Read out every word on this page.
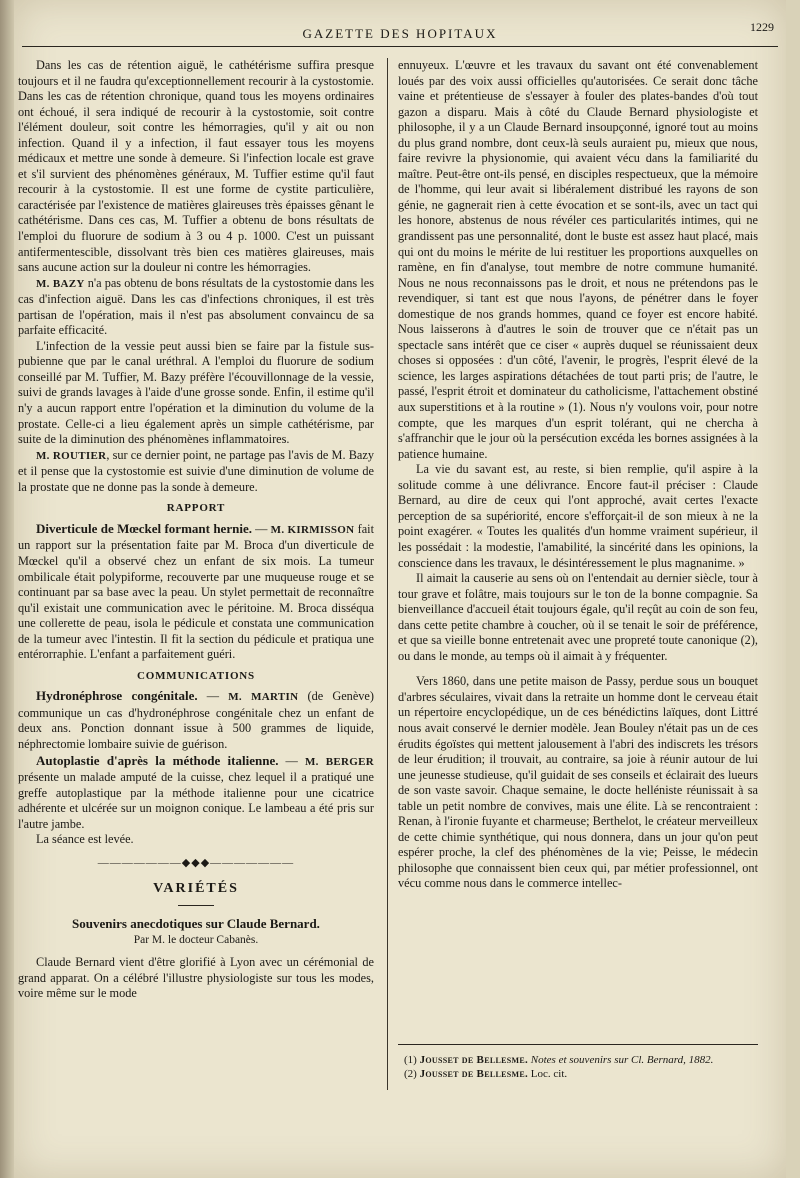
GAZETTE DES HOPITAUX	1229

Dans les cas de rétention aiguë, le cathétérisme suffira presque toujours et il ne faudra qu'exceptionnellement recourir à la cystostomie. Dans les cas de rétention chronique, quand tous les moyens ordinaires ont échoué, il sera indiqué de recourir à la cystostomie, soit contre l'élément douleur, soit contre les hémorragies, qu'il y ait ou non infection. Quand il y a infection, il faut essayer tous les moyens médicaux et mettre une sonde à demeure. Si l'infection locale est grave et s'il survient des phénomènes généraux, M. Tuffier estime qu'il faut recourir à la cystostomie. Il est une forme de cystite particulière, caractérisée par l'existence de matières glaireuses très épaisses gênant le cathétérisme. Dans ces cas, M. Tuffier a obtenu de bons résultats de l'emploi du fluorure de sodium à 3 ou 4 p. 1000. C'est un puissant antifermentescible, dissolvant très bien ces matières glaireuses, mais sans aucune action sur la douleur ni contre les hémorragies.

M. BAZY n'a pas obtenu de bons résultats de la cystostomie dans les cas d'infection aiguë. Dans les cas d'infections chroniques, il est très partisan de l'opération, mais il n'est pas absolument convaincu de sa parfaite efficacité.

L'infection de la vessie peut aussi bien se faire par la fistule sus-pubienne que par le canal uréthral. A l'emploi du fluorure de sodium conseillé par M. Tuffier, M. Bazy préfère l'écouvillonnage de la vessie, suivi de grands lavages à l'aide d'une grosse sonde. Enfin, il estime qu'il n'y a aucun rapport entre l'opération et la diminution du volume de la prostate. Celle-ci a lieu également après un simple cathétérisme, par suite de la diminution des phénomènes inflammatoires.

M. ROUTIER, sur ce dernier point, ne partage pas l'avis de M. Bazy et il pense que la cystostomie est suivie d'une diminution de volume de la prostate que ne donne pas la sonde à demeure.

RAPPORT

Diverticule de Mœckel formant hernie. — M. KIRMISSON fait un rapport sur la présentation faite par M. Broca d'un diverticule de Mœckel qu'il a observé chez un enfant de six mois. La tumeur ombilicale était polypiforme, recouverte par une muqueuse rouge et se continuant par sa base avec la peau. Un stylet permettait de reconnaître qu'il existait une communication avec le péritoine. M. Broca disséqua une collerette de peau, isola le pédicule et constata une communication de la tumeur avec l'intestin. Il fit la section du pédicule et pratiqua une entérorraphie. L'enfant a parfaitement guéri.

COMMUNICATIONS

Hydronéphrose congénitale. — M. MARTIN (de Genève) communique un cas d'hydronéphrose congénitale chez un enfant de deux ans. Ponction donnant issue à 500 grammes de liquide, néphrectomie lombaire suivie de guérison.

Autoplastie d'après la méthode italienne. — M. BERGER présente un malade amputé de la cuisse, chez lequel il a pratiqué une greffe autoplastique par la méthode italienne pour une cicatrice adhérente et ulcérée sur un moignon conique. Le lambeau a été pris sur l'autre jambe.

La séance est levée.

———————◆◆◆———————
VARIÉTÉS
Souvenirs anecdotiques sur Claude Bernard.
Par M. le docteur Cabanès.

Claude Bernard vient d'être glorifié à Lyon avec un cérémonial de grand apparat. On a célébré l'illustre physiologiste sur tous les modes, voire même sur le mode

ennuyeux. L'œuvre et les travaux du savant ont été convenablement loués par des voix aussi officielles qu'autorisées. Ce serait donc tâche vaine et prétentieuse de s'essayer à fouler des plates-bandes d'où tout gazon a disparu. Mais à côté du Claude Bernard physiologiste et philosophe, il y a un Claude Bernard insoupçonné, ignoré tout au moins du plus grand nombre, dont ceux-là seuls auraient pu, mieux que nous, faire revivre la physionomie, qui avaient vécu dans la familiarité du maître. Peut-être ont-ils pensé, en disciples respectueux, que la mémoire de l'homme, qui leur avait si libéralement distribué les rayons de son génie, ne gagnerait rien à cette évocation et se sont-ils, avec un tact qui les honore, abstenus de nous révéler ces particularités intimes, qui ne grandissent pas une personnalité, dont le buste est assez haut placé, mais qui ont du moins le mérite de lui restituer les proportions auxquelles on ramène, en fin d'analyse, tout membre de notre commune humanité. Nous ne nous reconnaissons pas le droit, et nous ne prétendons pas le revendiquer, si tant est que nous l'ayons, de pénétrer dans le foyer domestique de nos grands hommes, quand ce foyer est encore habité. Nous laisserons à d'autres le soin de trouver que ce n'était pas un spectacle sans intérêt que ce ciser « auprès duquel se réunissaient deux choses si opposées : d'un côté, l'avenir, le progrès, l'esprit élevé de la science, les larges aspirations détachées de tout parti pris; de l'autre, le passé, l'esprit étroit et dominateur du catholicisme, l'attachement obstiné aux superstitions et à la routine » (1). Nous n'y voulons voir, pour notre compte, que les marques d'un esprit tolérant, qui ne chercha à s'affranchir que le jour où la persécution excéda les bornes assignées à la patience humaine.

La vie du savant est, au reste, si bien remplie, qu'il aspire à la solitude comme à une délivrance. Encore faut-il préciser : Claude Bernard, au dire de ceux qui l'ont approché, avait certes l'exacte perception de sa supériorité, encore s'efforçait-il de son mieux à ne la point exagérer. « Toutes les qualités d'un homme vraiment supérieur, il les possédait : la modestie, l'amabilité, la sincérité dans les opinions, la conscience dans les travaux, le désintéressement le plus magnanime. »

Il aimait la causerie au sens où on l'entendait au dernier siècle, tour à tour grave et folâtre, mais toujours sur le ton de la bonne compagnie. Sa bienveillance d'accueil était toujours égale, qu'il reçût au coin de son feu, dans cette petite chambre à coucher, où il se tenait le soir de préférence, et que sa vieille bonne entretenait avec une propreté toute canonique (2), ou dans le monde, au temps où il aimait à y fréquenter.

Vers 1860, dans une petite maison de Passy, perdue sous un bouquet d'arbres séculaires, vivait dans la retraite un homme dont le cerveau était un répertoire encyclopédique, un de ces bénédictins laïques, dont Littré nous avait conservé le dernier modèle. Jean Bouley n'était pas un de ces érudits égoïstes qui mettent jalousement à l'abri des indiscrets les trésors de leur érudition; il trouvait, au contraire, sa joie à réunir autour de lui une jeunesse studieuse, qu'il guidait de ses conseils et éclairait des lueurs de son vaste savoir. Chaque semaine, le docte helléniste réunissait à sa table un petit nombre de convives, mais une élite. Là se rencontraient : Renan, à l'ironie fuyante et charmeuse; Berthelot, le créateur merveilleux de cette chimie synthétique, qui nous donnera, dans un jour qu'on peut espérer proche, la clef des phénomènes de la vie; Peisse, le médecin philosophe que connaissent bien ceux qui, par métier professionnel, ont vécu comme nous dans le commerce intellec-

(1) Jousset de Bellesme. Notes et souvenirs sur Cl. Bernard, 1882.
(2) Jousset de Bellesme. Loc. cit.
